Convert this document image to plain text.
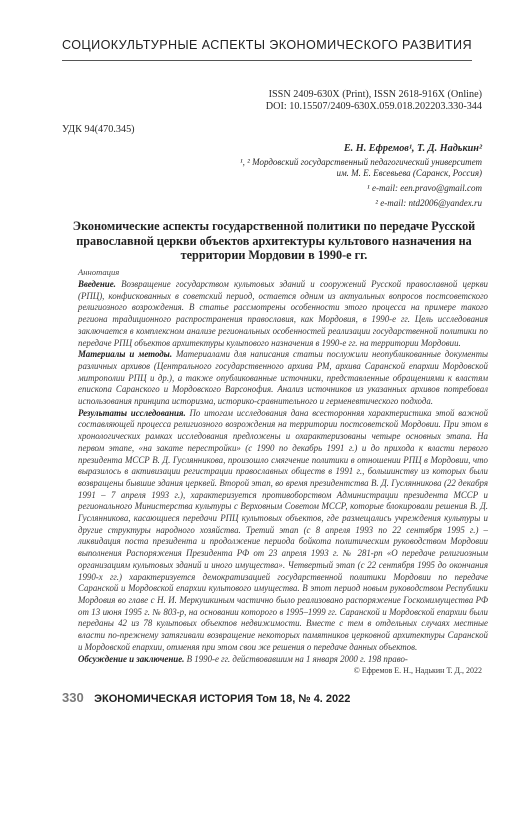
СОЦИОКУЛЬТУРНЫЕ АСПЕКТЫ ЭКОНОМИЧЕСКОГО РАЗВИТИЯ
ISSN 2409-630X (Print), ISSN 2618-916X (Online)
DOI: 10.15507/2409-630X.059.018.202203.330-344
УДК 94(470.345)
Е. Н. Ефремов¹, Т. Д. Надькин²
¹, ² Мордовский государственный педагогический университет
им. М. Е. Евсевьева (Саранск, Россия)
¹ e-mail: een.pravo@gmail.com
² e-mail: ntd2006@yandex.ru
Экономические аспекты государственной политики по передаче Русской православной церкви объектов архитектуры культового назначения на территории Мордовии в 1990-е гг.
Аннотация

Введение. Возвращение государством культовых зданий и сооружений Русской православной церкви (РПЦ), конфискованных в советский период, остается одним из актуальных вопросов постсоветского религиозного возрождения. В статье рассмотрены особенности этого процесса на примере такого региона традиционного распространения православия, как Мордовия, в 1990-е гг. Цель исследования заключается в комплексном анализе региональных особенностей реализации государственной политики по передаче РПЦ объектов архитектуры культового назначения в 1990-е гг. на территории Мордовии.

Материалы и методы. Материалами для написания статьи послужили неопубликованные документы различных архивов (Центрального государственного архива РМ, архива Саранской епархии Мордовской митрополии РПЦ и др.), а также опубликованные источники, представленные обращениями к властям епископа Саранского и Мордовского Варсонофия. Анализ источников из указанных архивов потребовал использования принципа историзма, историко-сравнительного и герменевтического подхода.

Результаты исследования. По итогам исследования дана всесторонняя характеристика этой важной составляющей процесса религиозного возрождения на территории постсоветской Мордовии. При этом в хронологических рамках исследования предложены и охарактеризованы четыре основных этапа. На первом этапе, «на закате перестройки» (с 1990 по декабрь 1991 г.) и до прихода к власти первого президента МССР В. Д. Гуслянникова, произошло смягчение политики в отношении РПЦ в Мордовии, что выразилось в активизации регистрации православных обществ в 1991 г., большинству из которых были возвращены бывшие здания церквей. Второй этап, во время президентства В. Д. Гуслянникова (22 декабря 1991 – 7 апреля 1993 г.), характеризуется противоборством Администрации президента МССР и регионального Министерства культуры с Верховным Советом МССР, которые блокировали решения В. Д. Гуслянникова, касающиеся передачи РПЦ культовых объектов, где размещались учреждения культуры и другие структуры народного хозяйства. Третий этап (с 8 апреля 1993 по 22 сентября 1995 г.) – ликвидация поста президента и продолжение периода бойкота политическим руководством Мордовии выполнения Распоряжения Президента РФ от 23 апреля 1993 г. № 281-рп «О передаче религиозным организациям культовых зданий и иного имущества». Четвертый этап (с 22 сентября 1995 до окончания 1990-х гг.) характеризуется демократизацией государственной политики Мордовии по передаче Саранской и Мордовской епархии культового имущества. В этот период новым руководством Республики Мордовия во главе с Н. И. Меркушкиным частично было реализовано распоряжение Госкомимущества РФ от 13 июня 1995 г. № 803-р, на основании которого в 1995–1999 гг. Саранской и Мордовской епархии были переданы 42 из 78 культовых объектов недвижимости. Вместе с тем в отдельных случаях местные власти по-прежнему затягивали возвращение некоторых памятников церковной архитектуры Саранской и Мордовской епархии, отменяя при этом свои же решения о передаче данных объектов.

Обсуждение и заключение. В 1990-е гг. действовавшим на 1 января 2000 г. 198 право-

© Ефремов Е. Н., Надькин Т. Д., 2022
330 ЭКОНОМИЧЕСКАЯ ИСТОРИЯ Том 18, № 4. 2022
